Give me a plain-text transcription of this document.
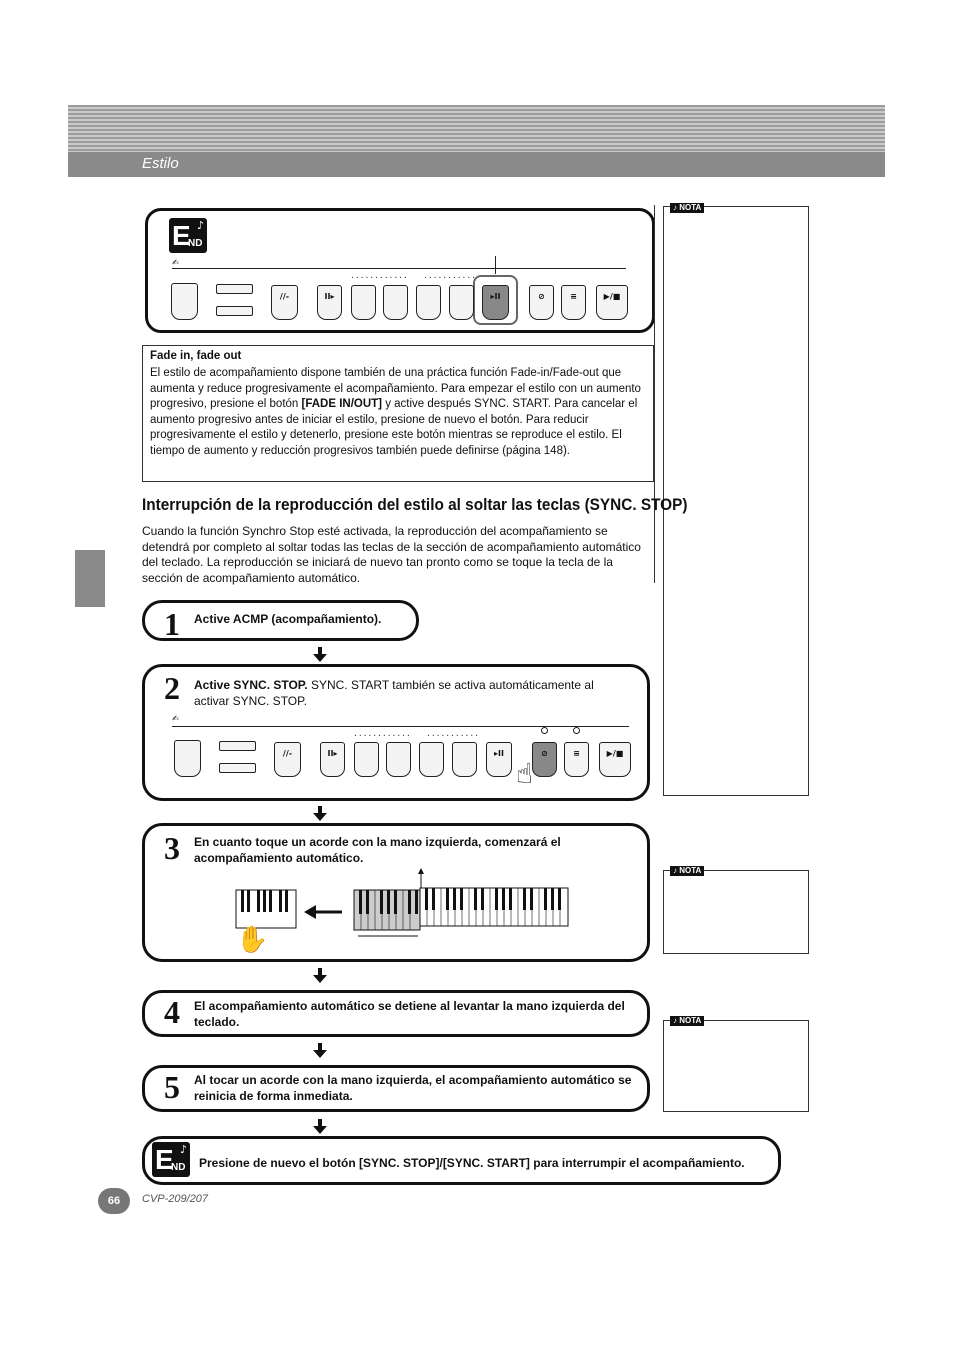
Estilo
E
ND
♪
✍
............ ...........
//-	II▸	▸II	⊘	≡	▶/■
Fade in, fade out
El estilo de acompañamiento dispone también de una práctica función Fade-in/Fade-out que aumenta y reduce progresivamente el acompañamiento. Para empezar el estilo con un aumento progresivo, presione el botón [FADE IN/OUT] y active después SYNC. START. Para cancelar el aumento progresivo antes de iniciar el estilo, presione de nuevo el botón. Para reducir progresivamente el estilo y detenerlo, presione este botón mientras se reproduce el estilo. El tiempo de aumento y reducción progresivos también puede definirse (página 148).
♪ NOTA
♪ NOTA
♪ NOTA
Interrupción de la reproducción del estilo al soltar las teclas (SYNC. STOP)
Cuando la función Synchro Stop esté activada, la reproducción del acompañamiento se detendrá por completo al soltar todas las teclas de la sección de acompañamiento automático del teclado. La reproducción se iniciará de nuevo tan pronto como se toque la tecla de la sección de acompañamiento automático.
1 Active ACMP (acompañamiento).
2 Active SYNC. STOP. SYNC. START también se activa automáticamente al activar SYNC. STOP.
✍
............ ...........
//-	II▸	▸II	⊘	≡	▶/■
☝
3 En cuanto toque un acorde con la mano izquierda, comenzará el acompañamiento automático.
✋
4 El acompañamiento automático se detiene al levantar la mano izquierda del teclado.
5 Al tocar un acorde con la mano izquierda, el acompañamiento automático se reinicia de forma inmediata.
E
ND
♪
Presione de nuevo el botón [SYNC. STOP]/[SYNC. START] para interrumpir el acompañamiento.
66	CVP-209/207
